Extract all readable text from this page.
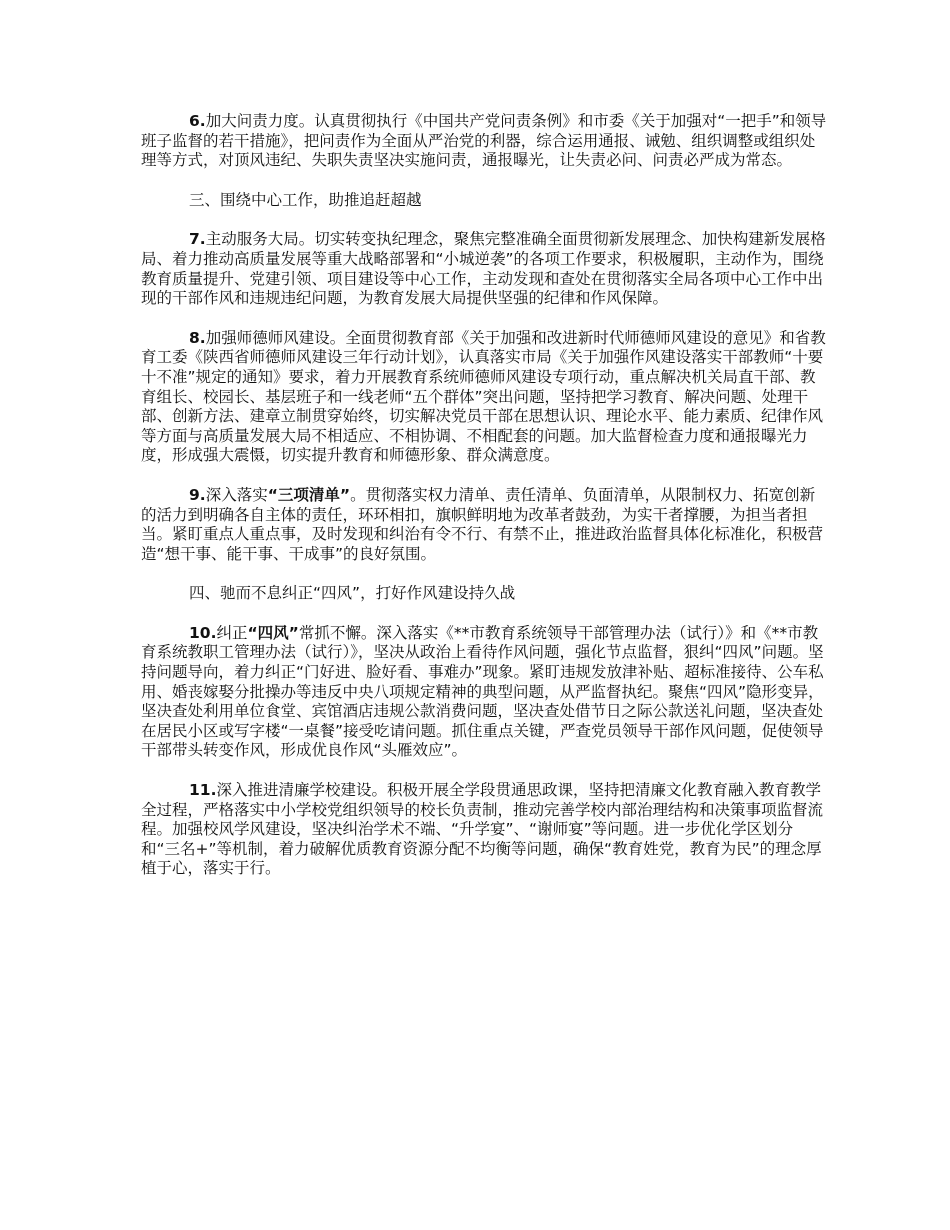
6.加大问责力度。认真贯彻执行《中国共产党问责条例》和市委《关于加强对“一把手”和领导班子监督的若干措施》，把问责作为全面从严治党的利器，综合运用通报、诫勉、组织调整或组织处理等方式，对顶风违纪、失职失责坚决实施问责，通报曝光，让失责必问、问责必严成为常态。

三、围绕中心工作，助推追赶超越

7.主动服务大局。切实转变执纪理念，聚焦完整准确全面贯彻新发展理念、加快构建新发展格局、着力推动高质量发展等重大战略部署和“小城逆袭”的各项工作要求，积极履职，主动作为，围绕教育质量提升、党建引领、项目建设等中心工作，主动发现和查处在贯彻落实全局各项中心工作中出现的干部作风和违规违纪问题，为教育发展大局提供坚强的纪律和作风保障。

8.加强师德师风建设。全面贯彻教育部《关于加强和改进新时代师德师风建设的意见》和省教育工委《陕西省师德师风建设三年行动计划》，认真落实市局《关于加强作风建设落实干部教师“十要十不准”规定的通知》要求，着力开展教育系统师德师风建设专项行动，重点解决机关局直干部、教育组长、校园长、基层班子和一线老师“五个群体”突出问题，坚持把学习教育、解决问题、处理干部、创新方法、建章立制贯穿始终，切实解决党员干部在思想认识、理论水平、能力素质、纪律作风等方面与高质量发展大局不相适应、不相协调、不相配套的问题。加大监督检查力度和通报曝光力度，形成强大震慑，切实提升教育和师德形象、群众满意度。

9.深入落实“三项清单”。贯彻落实权力清单、责任清单、负面清单，从限制权力、拓宽创新的活力到明确各自主体的责任，环环相扣，旗帜鲜明地为改革者鼓劲，为实干者撑腰，为担当者担当。紧盯重点人重点事，及时发现和纠治有令不行、有禁不止，推进政治监督具体化标准化，积极营造“想干事、能干事、干成事”的良好氛围。

四、驰而不息纠正“四风”，打好作风建设持久战

10.纠正“四风”常抓不懈。深入落实《**市教育系统领导干部管理办法（试行）》和《**市教育系统教职工管理办法（试行）》，坚决从政治上看待作风问题，强化节点监督，狠纠“四风”问题。坚持问题导向，着力纠正“门好进、脸好看、事难办”现象。紧盯违规发放津补贴、超标准接待、公车私用、婚丧嫁娶分批操办等违反中央八项规定精神的典型问题，从严监督执纪。聚焦“四风”隐形变异，坚决查处利用单位食堂、宾馆酒店违规公款消费问题，坚决查处借节日之际公款送礼问题，坚决查处在居民小区或写字楼“一桌餐”接受吃请问题。抓住重点关键，严查党员领导干部作风问题，促使领导干部带头转变作风，形成优良作风“头雁效应”。

11.深入推进清廉学校建设。积极开展全学段贯通思政课，坚持把清廉文化教育融入教育教学全过程，严格落实中小学校党组织领导的校长负责制，推动完善学校内部治理结构和决策事项监督流程。加强校风学风建设，坚决纠治学术不端、“升学宴”、“谢师宴”等问题。进一步优化学区划分和“三名+”等机制，着力破解优质教育资源分配不均衡等问题，确保“教育姓党，教育为民”的理念厚植于心，落实于行。
